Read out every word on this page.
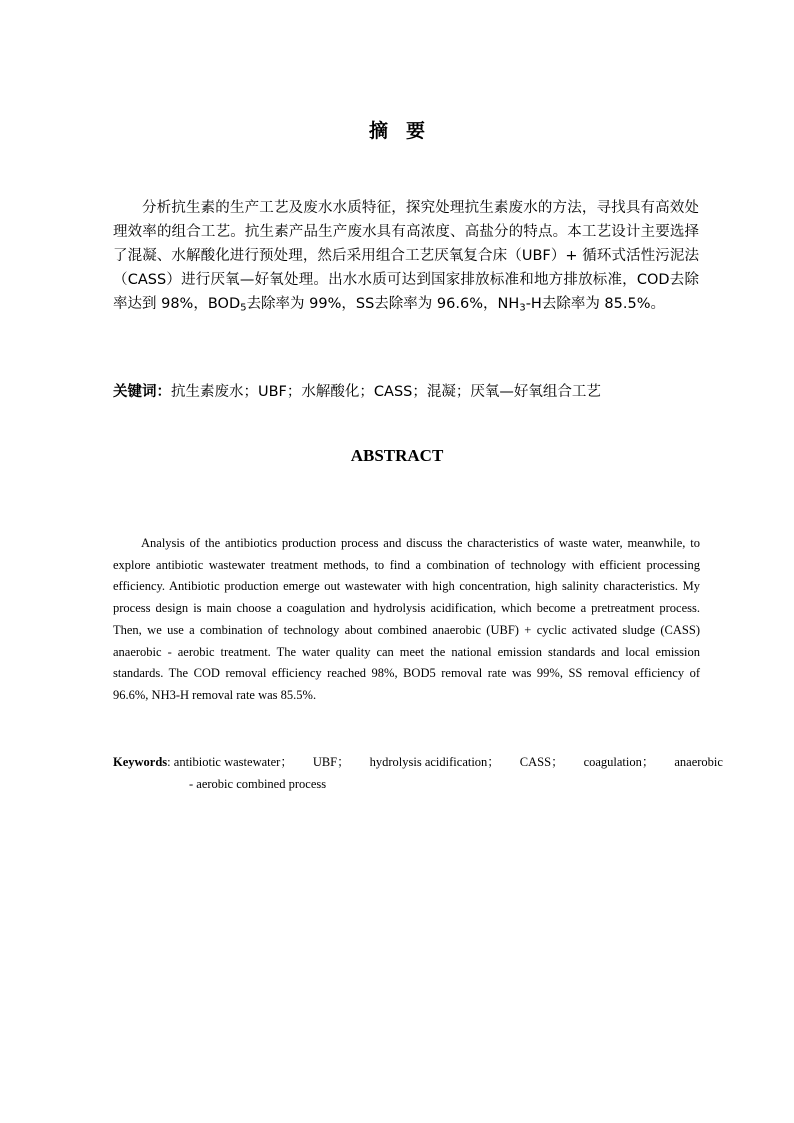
摘要

分析抗生素的生产工艺及废水水质特征，探究处理抗生素废水的方法，寻找具有高效处理效率的组合工艺。抗生素产品生产废水具有高浓度、高盐分的特点。本工艺设计主要选择了混凝、水解酸化进行预处理，然后采用组合工艺厌氧复合床（UBF）+ 循环式活性污泥法（CASS）进行厌氧—好氧处理。出水水质可达到国家排放标准和地方排放标准，COD去除率达到 98%，$BOD_5$去除率为 99%，SS去除率为 96.6%，$NH_3-H$去除率为 85.5%。

关键词：抗生素废水；UBF；水解酸化；CASS；混凝；厌氧—好氧组合工艺

ABSTRACT

Analysis of the antibiotics production process and discuss the characteristics of waste water, meanwhile, to explore antibiotic wastewater treatment methods, to find a combination of technology with efficient processing efficiency. Antibiotic production emerge out wastewater with high concentration, high salinity characteristics. My process design is main choose a coagulation and hydrolysis acidification, which become a pretreatment process. Then, we use a combination of technology about combined anaerobic (UBF) + cyclic activated sludge (CASS) anaerobic - aerobic treatment. The water quality can meet the national emission standards and local emission standards. The COD removal efficiency reached 98%, BOD5 removal rate was 99%, SS removal efficiency of 96.6%, NH3-H removal rate was 85.5%.

Keywords: antibiotic wastewater； UBF； hydrolysis acidification； CASS； coagulation； anaerobic
- aerobic combined process
